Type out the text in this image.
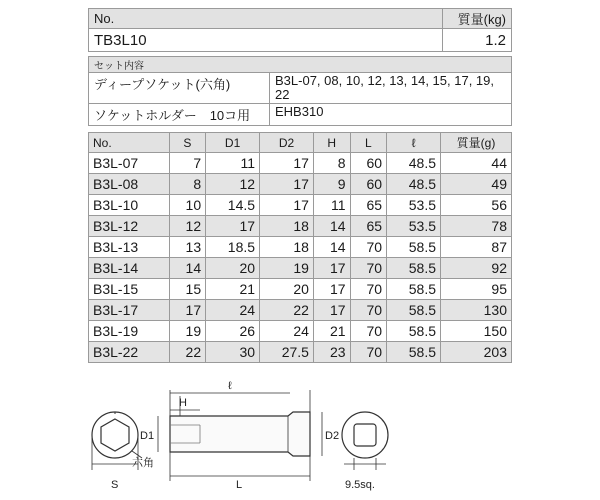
No.	質量(kg)
TB3L10	1.2
セット内容	
ディープソケット(六角)	B3L-07, 08, 10, 12, 13, 14, 15, 17, 19,
22
ソケットホルダー　10コ用	EHB310
No.	S	D1	D2	H	L	ℓ	質量(g)
B3L-07	7	11	17	8	60	48.5	44
B3L-08	8	12	17	9	60	48.5	49
B3L-10	10	14.5	17	11	65	53.5	56
B3L-12	12	17	18	14	65	53.5	78
B3L-13	13	18.5	18	14	70	58.5	87
B3L-14	14	20	19	17	70	58.5	92
B3L-15	15	21	20	17	70	58.5	95
B3L-17	17	24	22	17	70	58.5	130
B3L-19	19	26	24	21	70	58.5	150
B3L-22	22	30	27.5	23	70	58.5	203
ℓ
H
D1	D2
六角
S	L	9.5sq.
